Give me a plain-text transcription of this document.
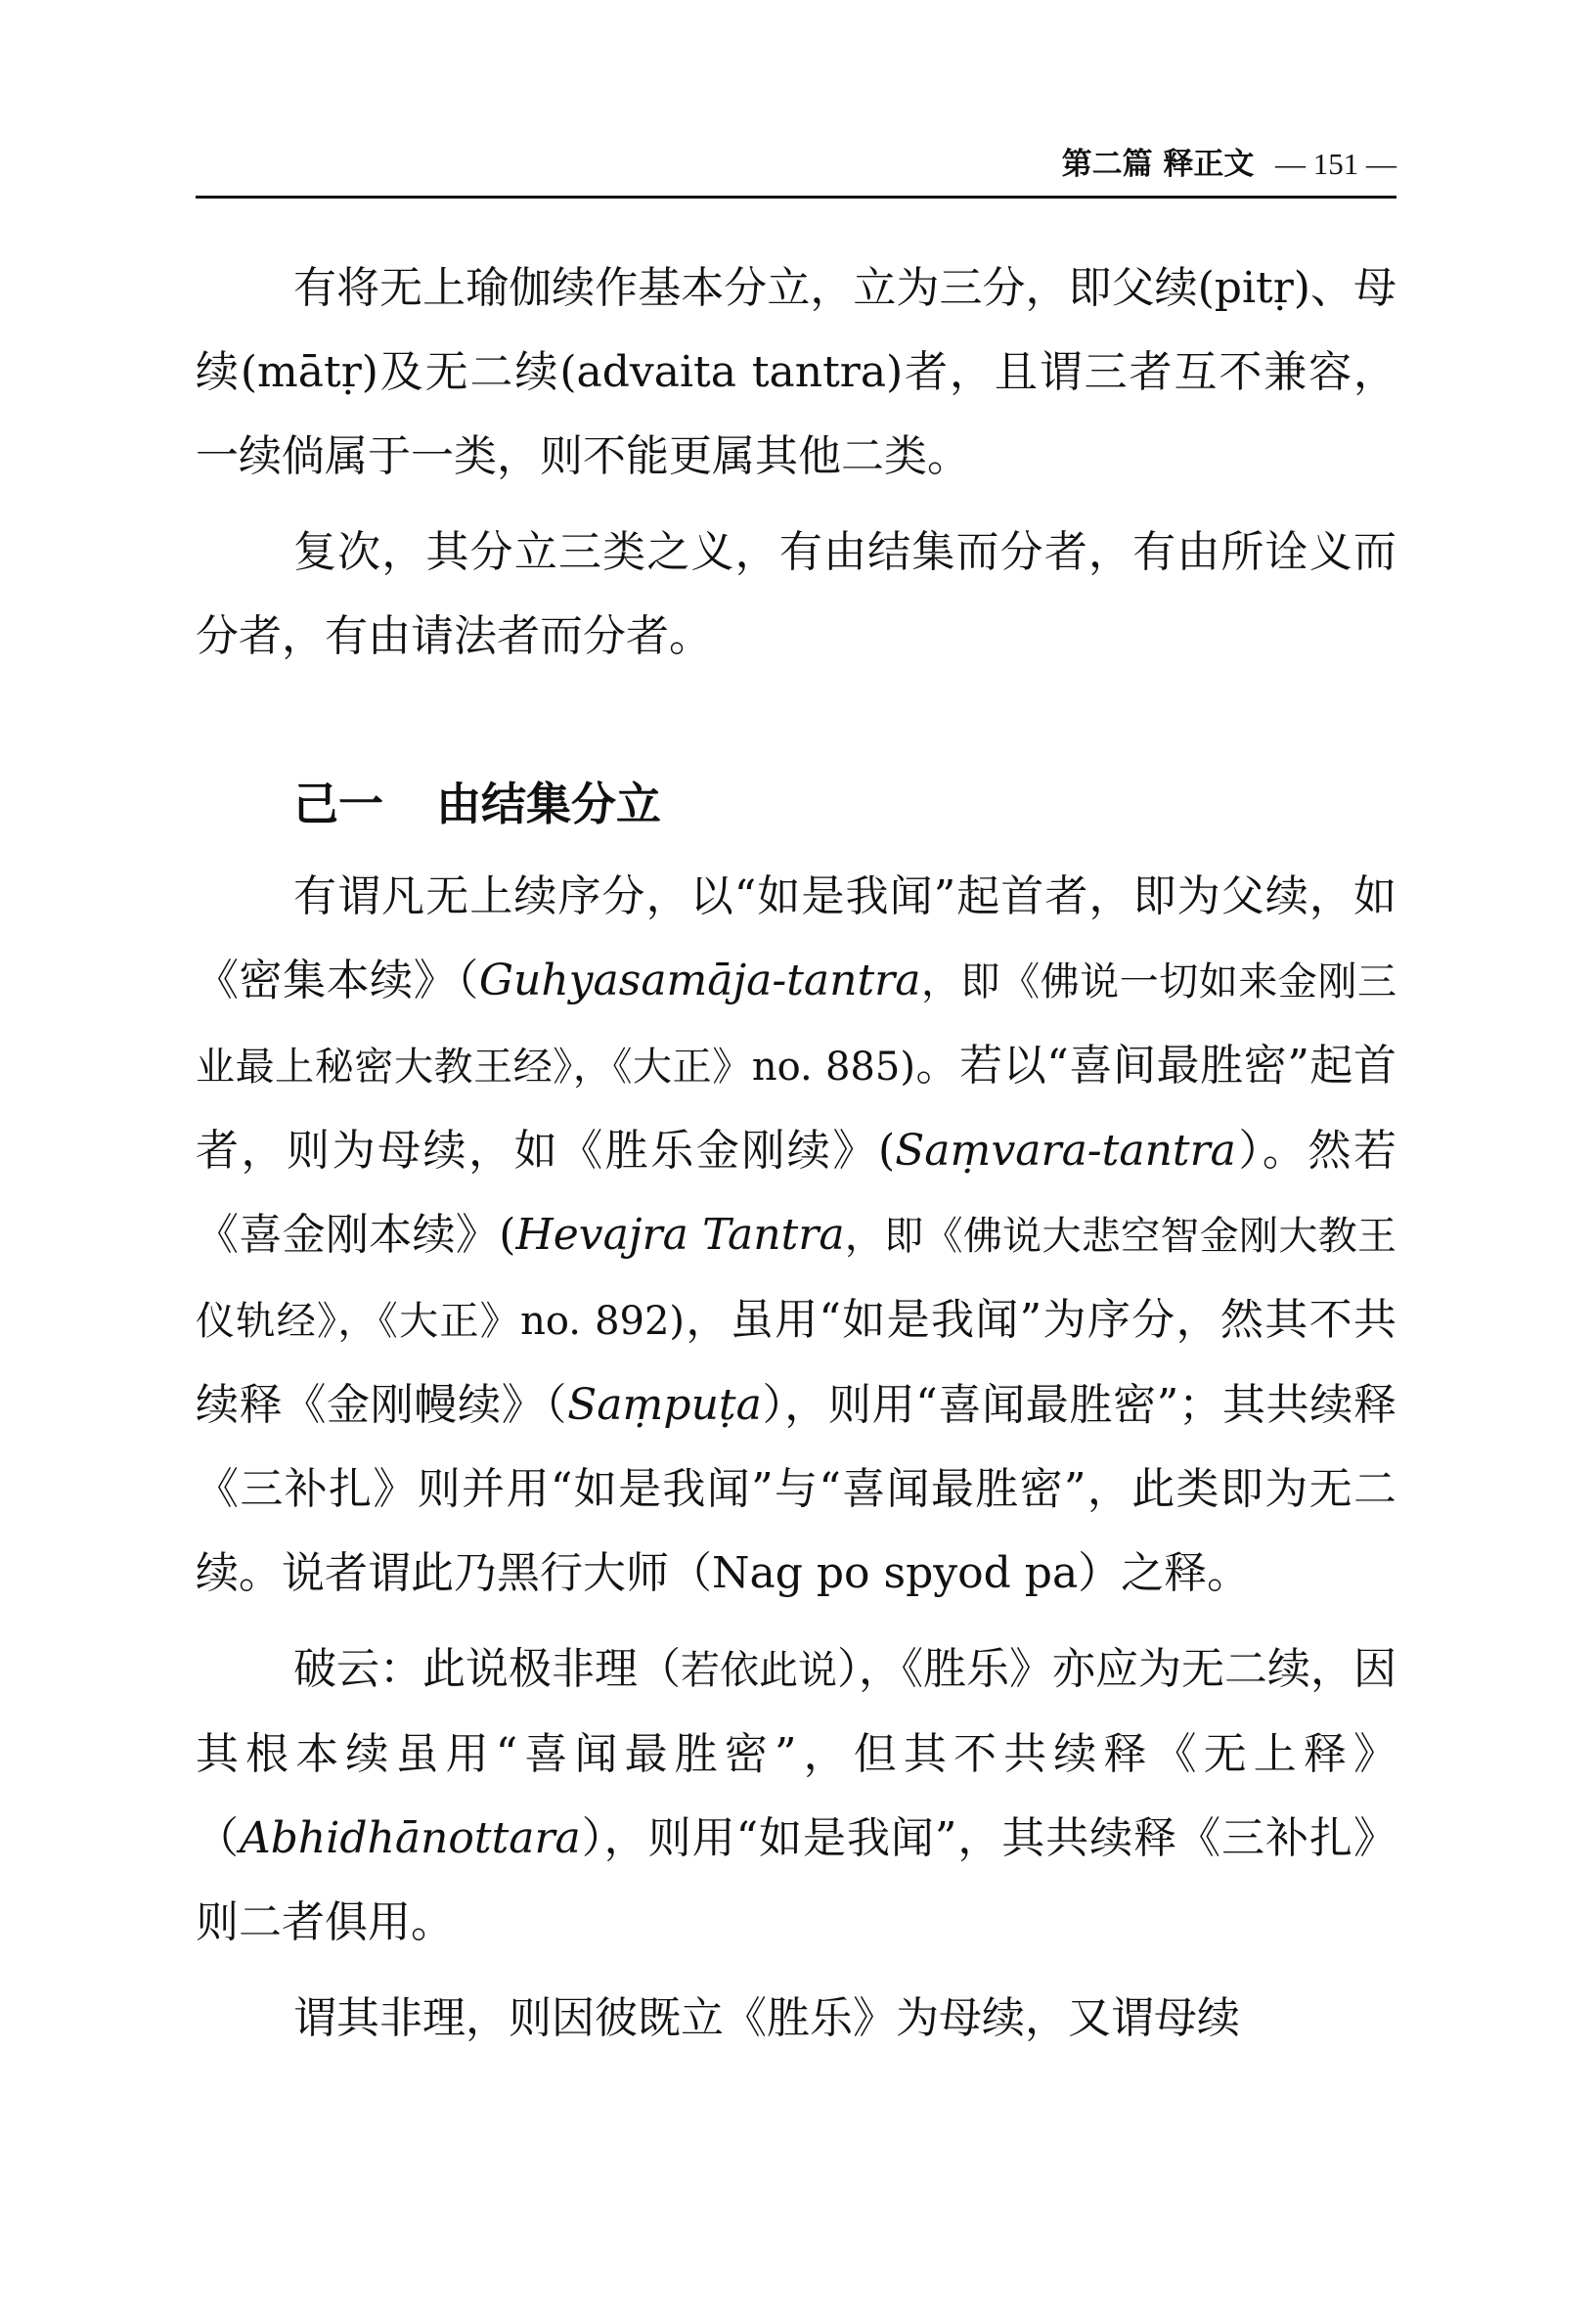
第二篇 释正文 — 151 —

有将无上瑜伽续作基本分立，立为三分，即父续(pitṛ)、母续(mātṛ)及无二续(advaita tantra)者，且谓三者互不兼容，一续倘属于一类，则不能更属其他二类。

复次，其分立三类之义，有由结集而分者，有由所诠义而分者，有由请法者而分者。

己一 由结集分立

有谓凡无上续序分，以“如是我闻”起首者，即为父续，如《密集本续》（Guhyasamāja-tantra，即《佛说一切如来金刚三业最上秘密大教王经》，《大正》no. 885)。若以“喜间最胜密”起首者，则为母续，如《胜乐金刚续》(Saṃvara-tantra）。然若《喜金刚本续》(Hevajra Tantra，即《佛说大悲空智金刚大教王仪轨经》，《大正》no. 892)，虽用“如是我闻”为序分，然其不共续释《金刚幔续》（Saṃpuṭa），则用“喜闻最胜密”；其共续释《三补扎》则并用“如是我闻”与“喜闻最胜密”，此类即为无二续。说者谓此乃黑行大师（Nag po spyod pa）之释。

破云：此说极非理（若依此说），《胜乐》亦应为无二续，因其根本续虽用“喜闻最胜密”，但其不共续释《无上释》（Abhidhānottara），则用“如是我闻”，其共续释《三补扎》则二者俱用。

谓其非理，则因彼既立《胜乐》为母续，又谓母续
